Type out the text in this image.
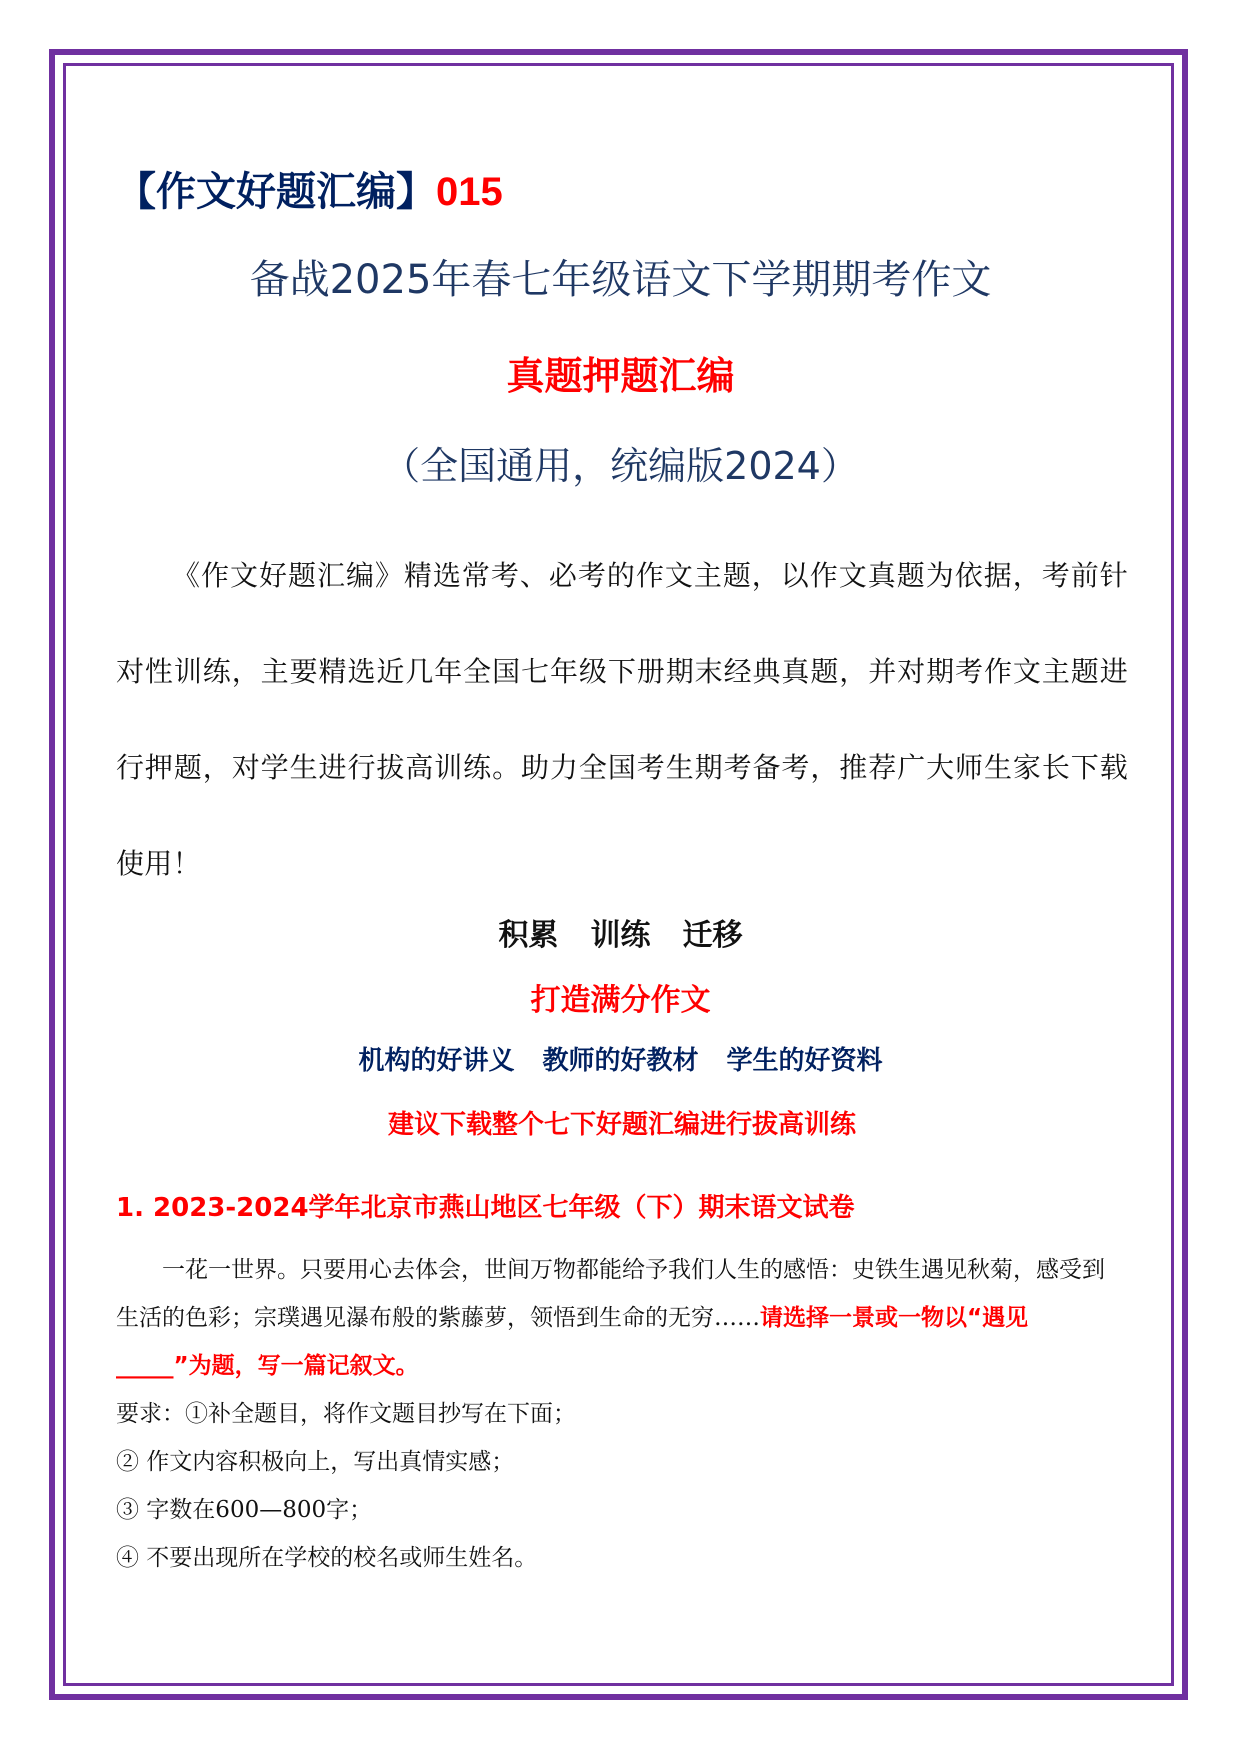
【作文好题汇编】015
备战2025年春七年级语文下学期期考作文
真题押题汇编
（全国通用，统编版2024）

《作文好题汇编》精选常考、必考的作文主题，以作文真题为依据，考前针对性训练，主要精选近几年全国七年级下册期末经典真题，并对期考作文主题进行押题，对学生进行拔高训练。助力全国考生期考备考，推荐广大师生家长下载使用！

积累 训练 迁移
打造满分作文
机构的好讲义 教师的好教材 学生的好资料
建议下载整个七下好题汇编进行拔高训练
1. 2023-2024学年北京市燕山地区七年级（下）期末语文试卷

一花一世界。只要用心去体会，世间万物都能给予我们人生的感悟：史铁生遇见秋菊，感受到生活的色彩；宗璞遇见瀑布般的紫藤萝，领悟到生命的无穷……请选择一景或一物以“遇见_____”为题，写一篇记叙文。

要求：①补全题目，将作文题目抄写在下面；

② 作文内容积极向上，写出真情实感；

③ 字数在600—800字；

④ 不要出现所在学校的校名或师生姓名。
